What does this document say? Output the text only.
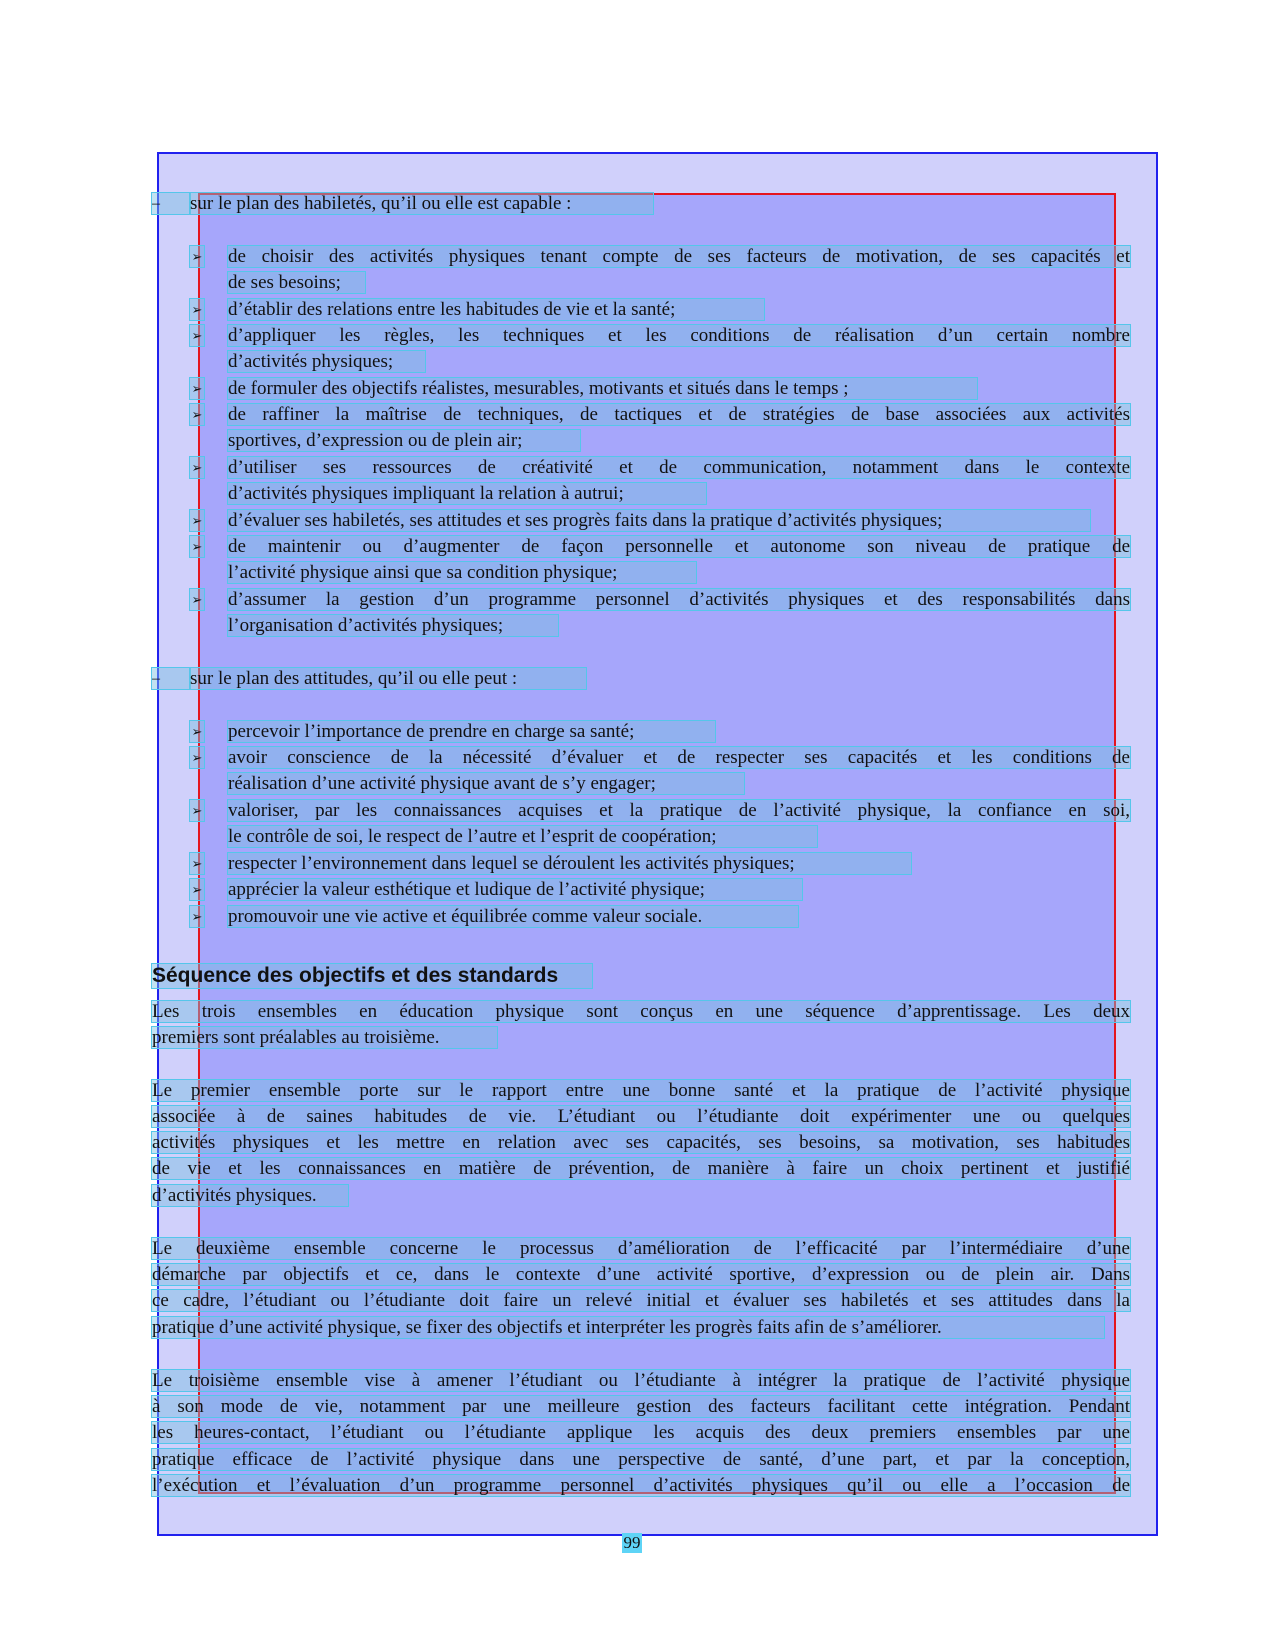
–	sur le plan des habiletés, qu’il ou elle est capable :
➢ de choisir des activités physiques tenant compte de ses facteurs de motivation, de ses capacités et
de ses besoins;
➢ d’établir des relations entre les habitudes de vie et la santé;
➢ d’appliquer les règles, les techniques et les conditions de réalisation d’un certain nombre
d’activités physiques;
➢ de formuler des objectifs réalistes, mesurables, motivants et situés dans le temps ;
➢ de raffiner la maîtrise de techniques, de tactiques et de stratégies de base associées aux activités
sportives, d’expression ou de plein air;
➢ d’utiliser ses ressources de créativité et de communication, notamment dans le contexte
d’activités physiques impliquant la relation à autrui;
➢ d’évaluer ses habiletés, ses attitudes et ses progrès faits dans la pratique d’activités physiques;
➢ de maintenir ou d’augmenter de façon personnelle et autonome son niveau de pratique de
l’activité physique ainsi que sa condition physique;
➢ d’assumer la gestion d’un programme personnel d’activités physiques et des responsabilités dans
l’organisation d’activités physiques;
–	sur le plan des attitudes, qu’il ou elle peut :
➢ percevoir l’importance de prendre en charge sa santé;
➢ avoir conscience de la nécessité d’évaluer et de respecter ses capacités et les conditions de
réalisation d’une activité physique avant de s’y engager;
➢ valoriser, par les connaissances acquises et la pratique de l’activité physique, la confiance en soi,
le contrôle de soi, le respect de l’autre et l’esprit de coopération;
➢ respecter l’environnement dans lequel se déroulent les activités physiques;
➢ apprécier la valeur esthétique et ludique de l’activité physique;
➢ promouvoir une vie active et équilibrée comme valeur sociale.
Séquence des objectifs et des standards
Les trois ensembles en éducation physique sont conçus en une séquence d’apprentissage. Les deux
premiers sont préalables au troisième.
Le premier ensemble porte sur le rapport entre une bonne santé et la pratique de l’activité physique
associée à de saines habitudes de vie. L’étudiant ou l’étudiante doit expérimenter une ou quelques
activités physiques et les mettre en relation avec ses capacités, ses besoins, sa motivation, ses habitudes
de vie et les connaissances en matière de prévention, de manière à faire un choix pertinent et justifié
d’activités physiques.
Le deuxième ensemble concerne le processus d’amélioration de l’efficacité par l’intermédiaire d’une
démarche par objectifs et ce, dans le contexte d’une activité sportive, d’expression ou de plein air. Dans
ce cadre, l’étudiant ou l’étudiante doit faire un relevé initial et évaluer ses habiletés et ses attitudes dans la
pratique d’une activité physique, se fixer des objectifs et interpréter les progrès faits afin de s’améliorer.
Le troisième ensemble vise à amener l’étudiant ou l’étudiante à intégrer la pratique de l’activité physique
à son mode de vie, notamment par une meilleure gestion des facteurs facilitant cette intégration. Pendant
les heures-contact, l’étudiant ou l’étudiante applique les acquis des deux premiers ensembles par une
pratique efficace de l’activité physique dans une perspective de santé, d’une part, et par la conception,
l’exécution et l’évaluation d’un programme personnel d’activités physiques qu’il ou elle a l’occasion de
99
